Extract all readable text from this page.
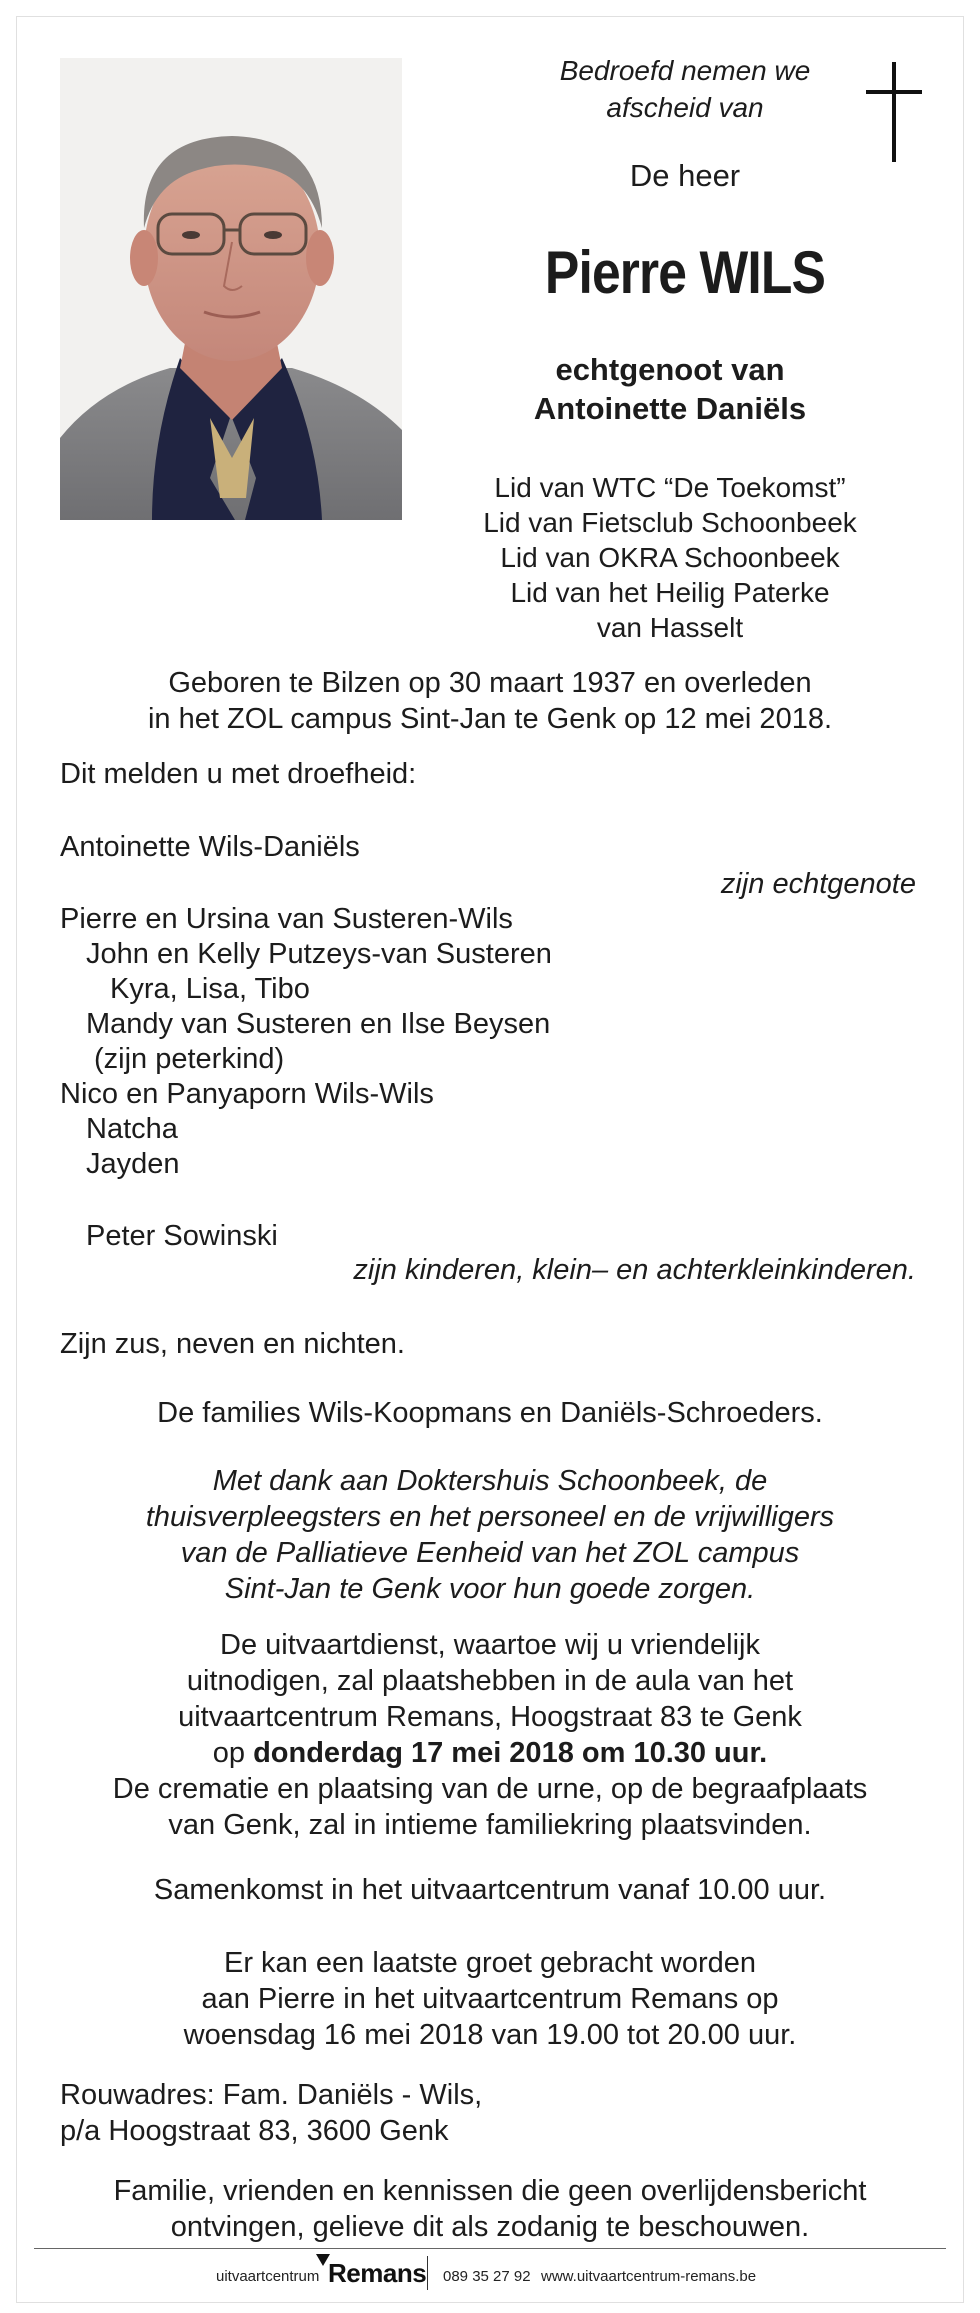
Bedroefd nemen we
afscheid van
De heer
Pierre WILS
echtgenoot van
Antoinette Daniëls
Lid van WTC “De Toekomst”
Lid van Fietsclub Schoonbeek
Lid van OKRA Schoonbeek
Lid van het Heilig Paterke
van Hasselt
Geboren te Bilzen op 30 maart 1937 en overleden
in het ZOL campus Sint-Jan te Genk op 12 mei 2018.
Dit melden u met droefheid:
Antoinette Wils-Daniëls
zijn echtgenote
Pierre en Ursina van Susteren-Wils
John en Kelly Putzeys-van Susteren
Kyra, Lisa, Tibo
Mandy van Susteren en Ilse Beysen
(zijn peterkind)
Nico en Panyaporn Wils-Wils
Natcha
Jayden
Peter Sowinski
zijn kinderen, klein– en achterkleinkinderen.
Zijn zus, neven en nichten.
De families Wils-Koopmans en Daniëls-Schroeders.
Met dank aan Doktershuis Schoonbeek, de
thuisverpleegsters en het personeel en de vrijwilligers
van de Palliatieve Eenheid van het ZOL campus
Sint-Jan te Genk voor hun goede zorgen.
De uitvaartdienst, waartoe wij u vriendelijk
uitnodigen, zal plaatshebben in de aula van het
uitvaartcentrum Remans, Hoogstraat 83 te Genk
op donderdag 17 mei 2018 om 10.30 uur.
De crematie en plaatsing van de urne, op de begraafplaats
van Genk, zal in intieme familiekring plaatsvinden.
Samenkomst in het uitvaartcentrum vanaf 10.00 uur.
Er kan een laatste groet gebracht worden
aan Pierre in het uitvaartcentrum Remans op
woensdag 16 mei 2018 van 19.00 tot 20.00 uur.
Rouwadres: Fam. Daniëls - Wils,
p/a Hoogstraat 83, 3600 Genk
Familie, vrienden en kennissen die geen overlijdensbericht
ontvingen, gelieve dit als zodanig te beschouwen.
uitvaartcentrum Remans 089 35 27 92 www.uitvaartcentrum-remans.be
